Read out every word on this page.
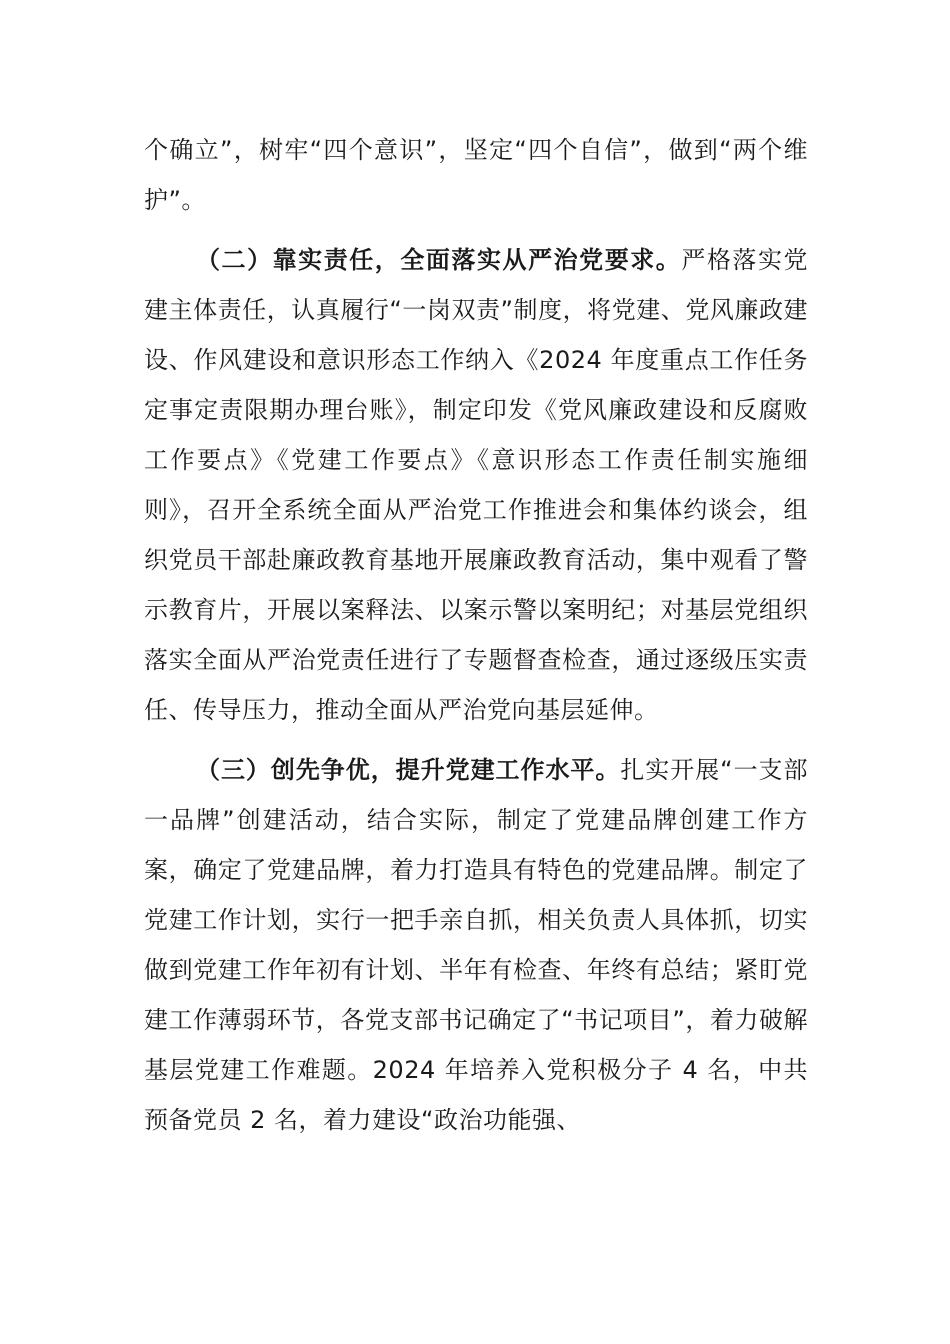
个确立”，树牢“四个意识”，坚定“四个自信”，做到“两个维护”。

（二）靠实责任，全面落实从严治党要求。严格落实党建主体责任，认真履行“一岗双责”制度，将党建、党风廉政建设、作风建设和意识形态工作纳入《2024 年度重点工作任务定事定责限期办理台账》，制定印发《党风廉政建设和反腐败工作要点》《党建工作要点》《意识形态工作责任制实施细则》，召开全系统全面从严治党工作推进会和集体约谈会，组织党员干部赴廉政教育基地开展廉政教育活动，集中观看了警示教育片，开展以案释法、以案示警以案明纪；对基层党组织落实全面从严治党责任进行了专题督查检查，通过逐级压实责任、传导压力，推动全面从严治党向基层延伸。

（三）创先争优，提升党建工作水平。扎实开展“一支部一品牌”创建活动，结合实际，制定了党建品牌创建工作方案，确定了党建品牌，着力打造具有特色的党建品牌。制定了党建工作计划，实行一把手亲自抓，相关负责人具体抓，切实做到党建工作年初有计划、半年有检查、年终有总结；紧盯党建工作薄弱环节，各党支部书记确定了“书记项目”，着力破解基层党建工作难题。2024 年培养入党积极分子 4 名，中共预备党员 2 名，着力建设“政治功能强、
